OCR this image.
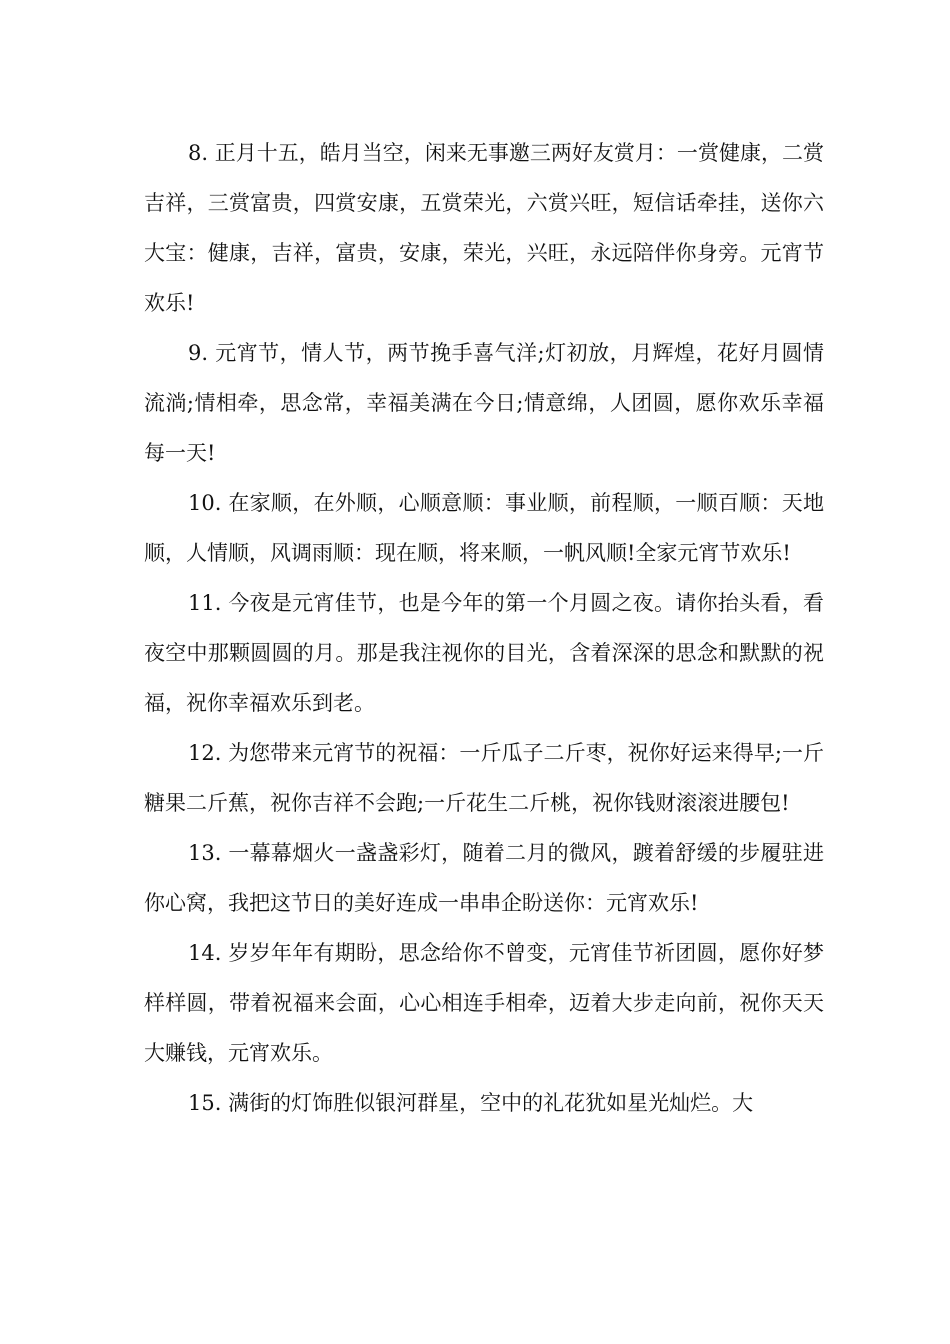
8. 正月十五，皓月当空，闲来无事邀三两好友赏月：一赏健康，二赏吉祥，三赏富贵，四赏安康，五赏荣光，六赏兴旺，短信话牵挂，送你六大宝：健康，吉祥，富贵，安康，荣光，兴旺，永远陪伴你身旁。元宵节欢乐!

9. 元宵节，情人节，两节挽手喜气洋;灯初放，月辉煌，花好月圆情流淌;情相牵，思念常，幸福美满在今日;情意绵，人团圆，愿你欢乐幸福每一天!

10. 在家顺，在外顺，心顺意顺：事业顺，前程顺，一顺百顺：天地顺，人情顺，风调雨顺：现在顺，将来顺，一帆风顺!全家元宵节欢乐!

11. 今夜是元宵佳节，也是今年的第一个月圆之夜。请你抬头看，看夜空中那颗圆圆的月。那是我注视你的目光，含着深深的思念和默默的祝福，祝你幸福欢乐到老。

12. 为您带来元宵节的祝福：一斤瓜子二斤枣，祝你好运来得早;一斤糖果二斤蕉，祝你吉祥不会跑;一斤花生二斤桃，祝你钱财滚滚进腰包!

13. 一幕幕烟火一盏盏彩灯，随着二月的微风，踱着舒缓的步履驻进你心窝，我把这节日的美好连成一串串企盼送你：元宵欢乐!

14. 岁岁年年有期盼，思念给你不曾变，元宵佳节祈团圆，愿你好梦样样圆，带着祝福来会面，心心相连手相牵，迈着大步走向前，祝你天天大赚钱，元宵欢乐。

15. 满街的灯饰胜似银河群星，空中的礼花犹如星光灿烂。大
